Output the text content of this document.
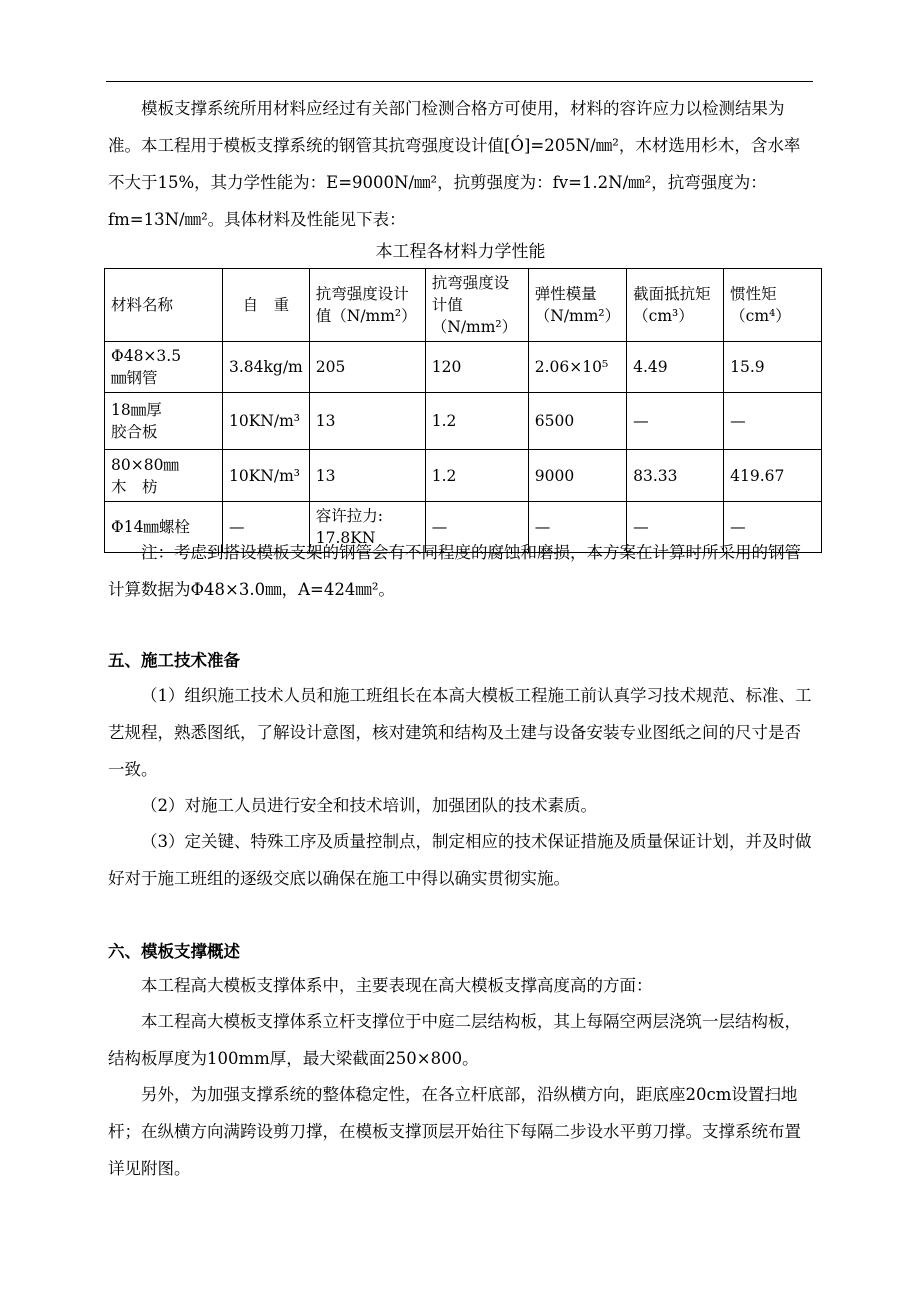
模板支撑系统所用材料应经过有关部门检测合格方可使用，材料的容许应力以检测结果为准。本工程用于模板支撑系统的钢管其抗弯强度设计值[Ó]=205N/㎜²，木材选用杉木，含水率不大于15%，其力学性能为：E=9000N/㎜²，抗剪强度为：fv=1.2N/㎜²，抗弯强度为：fm=13N/㎜²。具体材料及性能见下表：

本工程各材料力学性能
材料名称	自　重	抗弯强度设计值（N/mm²）	抗弯强度设计值（N/mm²）	弹性模量（N/mm²）	截面抵抗矩（cm³）	惯性矩（cm⁴）
Φ48×3.5
㎜钢管	3.84kg/m	205	120	2.06×10⁵	4.49	15.9
18㎜厚
胶合板	10KN/m³	13	1.2	6500	—	—
80×80㎜
木　枋	10KN/m³	13	1.2	9000	83.33	419.67
Φ14㎜螺栓	—	容许拉力:
17.8KN	—	—	—	—

注：考虑到搭设模板支架的钢管会有不同程度的腐蚀和磨损，本方案在计算时所采用的钢管计算数据为Φ48×3.0㎜，A=424㎜²。

五、施工技术准备

（1）组织施工技术人员和施工班组长在本高大模板工程施工前认真学习技术规范、标准、工艺规程，熟悉图纸，了解设计意图，核对建筑和结构及土建与设备安装专业图纸之间的尺寸是否一致。

（2）对施工人员进行安全和技术培训，加强团队的技术素质。

（3）定关键、特殊工序及质量控制点，制定相应的技术保证措施及质量保证计划，并及时做好对于施工班组的逐级交底以确保在施工中得以确实贯彻实施。

六、模板支撑概述

本工程高大模板支撑体系中，主要表现在高大模板支撑高度高的方面：

本工程高大模板支撑体系立杆支撑位于中庭二层结构板，其上每隔空两层浇筑一层结构板，结构板厚度为100mm厚，最大梁截面250×800。

另外，为加强支撑系统的整体稳定性，在各立杆底部，沿纵横方向，距底座20cm设置扫地杆；在纵横方向满跨设剪刀撑，在模板支撑顶层开始往下每隔二步设水平剪刀撑。支撑系统布置详见附图。
